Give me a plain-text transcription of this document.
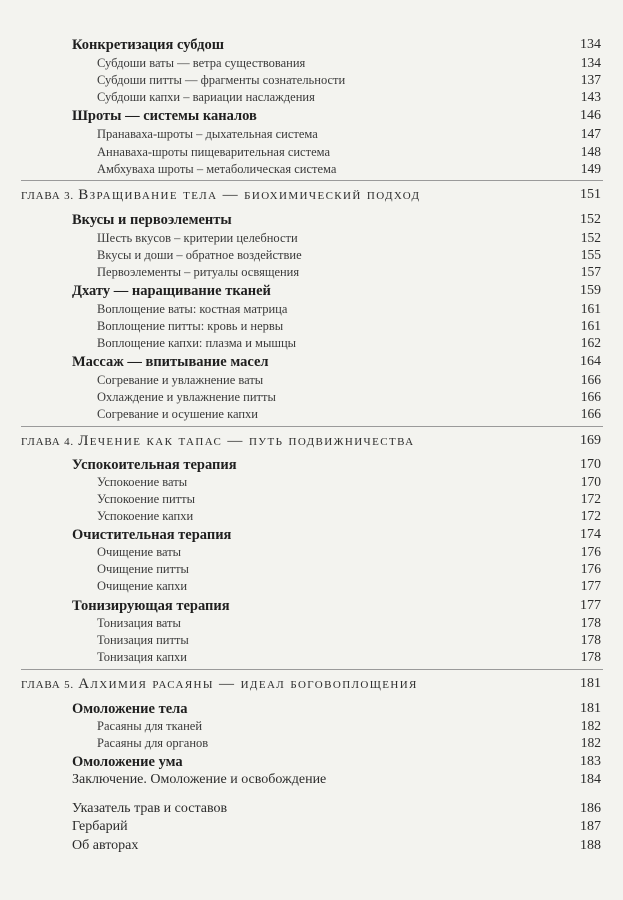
Конкретизация субдош	134
Субдоши ваты — ветра существования	134
Субдоши питты — фрагменты сознательности	137
Субдоши капхи – вариации наслаждения	143
Шроты — системы каналов	146
Пранаваха-шроты – дыхательная система	147
Аннаваха-шроты пищеварительная система	148
Амбхуваха шроты – метаболическая система	149
ГЛАВА 3. Взращивание тела — биохимический подход	151
Вкусы и первоэлементы	152
Шесть вкусов – критерии целебности	152
Вкусы и доши – обратное воздействие	155
Первоэлементы – ритуалы освящения	157
Дхату — наращивание тканей	159
Воплощение ваты: костная матрица	161
Воплощение питты: кровь и нервы	161
Воплощение капхи: плазма и мышцы	162
Массаж — впитывание масел	164
Согревание и увлажнение ваты	166
Охлаждение и увлажнение питты	166
Согревание и осушение капхи	166
ГЛАВА 4. Лечение как тапас — путь подвижничества	169
Успокоительная терапия	170
Успокоение ваты	170
Успокоение питты	172
Успокоение капхи	172
Очистительная терапия	174
Очищение ваты	176
Очищение питты	176
Очищение капхи	177
Тонизирующая терапия	177
Тонизация ваты	178
Тонизация питты	178
Тонизация капхи	178
ГЛАВА 5. Алхимия расаяны — идеал боговоплощения	181
Омоложение тела	181
Расаяны для тканей	182
Расаяны для органов	182
Омоложение ума	183
Заключение. Омоложение и освобождение	184
Указатель трав и составов	186
Гербарий	187
Об авторах	188
